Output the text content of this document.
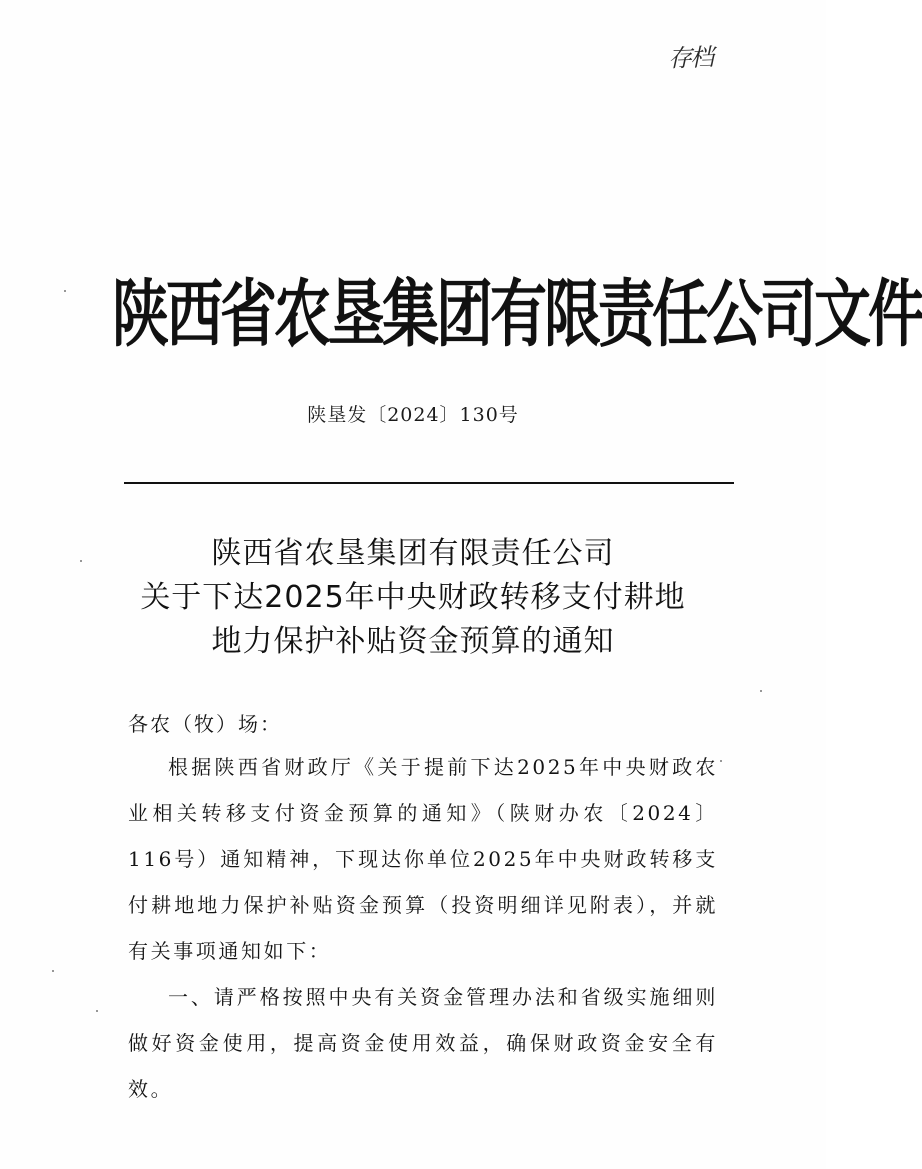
存档
陕西省农垦集团有限责任公司文件
陕垦发〔2024〕130号
陕西省农垦集团有限责任公司
关于下达2025年中央财政转移支付耕地
地力保护补贴资金预算的通知
各农（牧）场：

根据陕西省财政厅《关于提前下达2025年中央财政农业相关转移支付资金预算的通知》（陕财办农〔2024〕116号）通知精神，下现达你单位2025年中央财政转移支付耕地地力保护补贴资金预算（投资明细详见附表），并就有关事项通知如下：

一、请严格按照中央有关资金管理办法和省级实施细则做好资金使用，提高资金使用效益，确保财政资金安全有效。
